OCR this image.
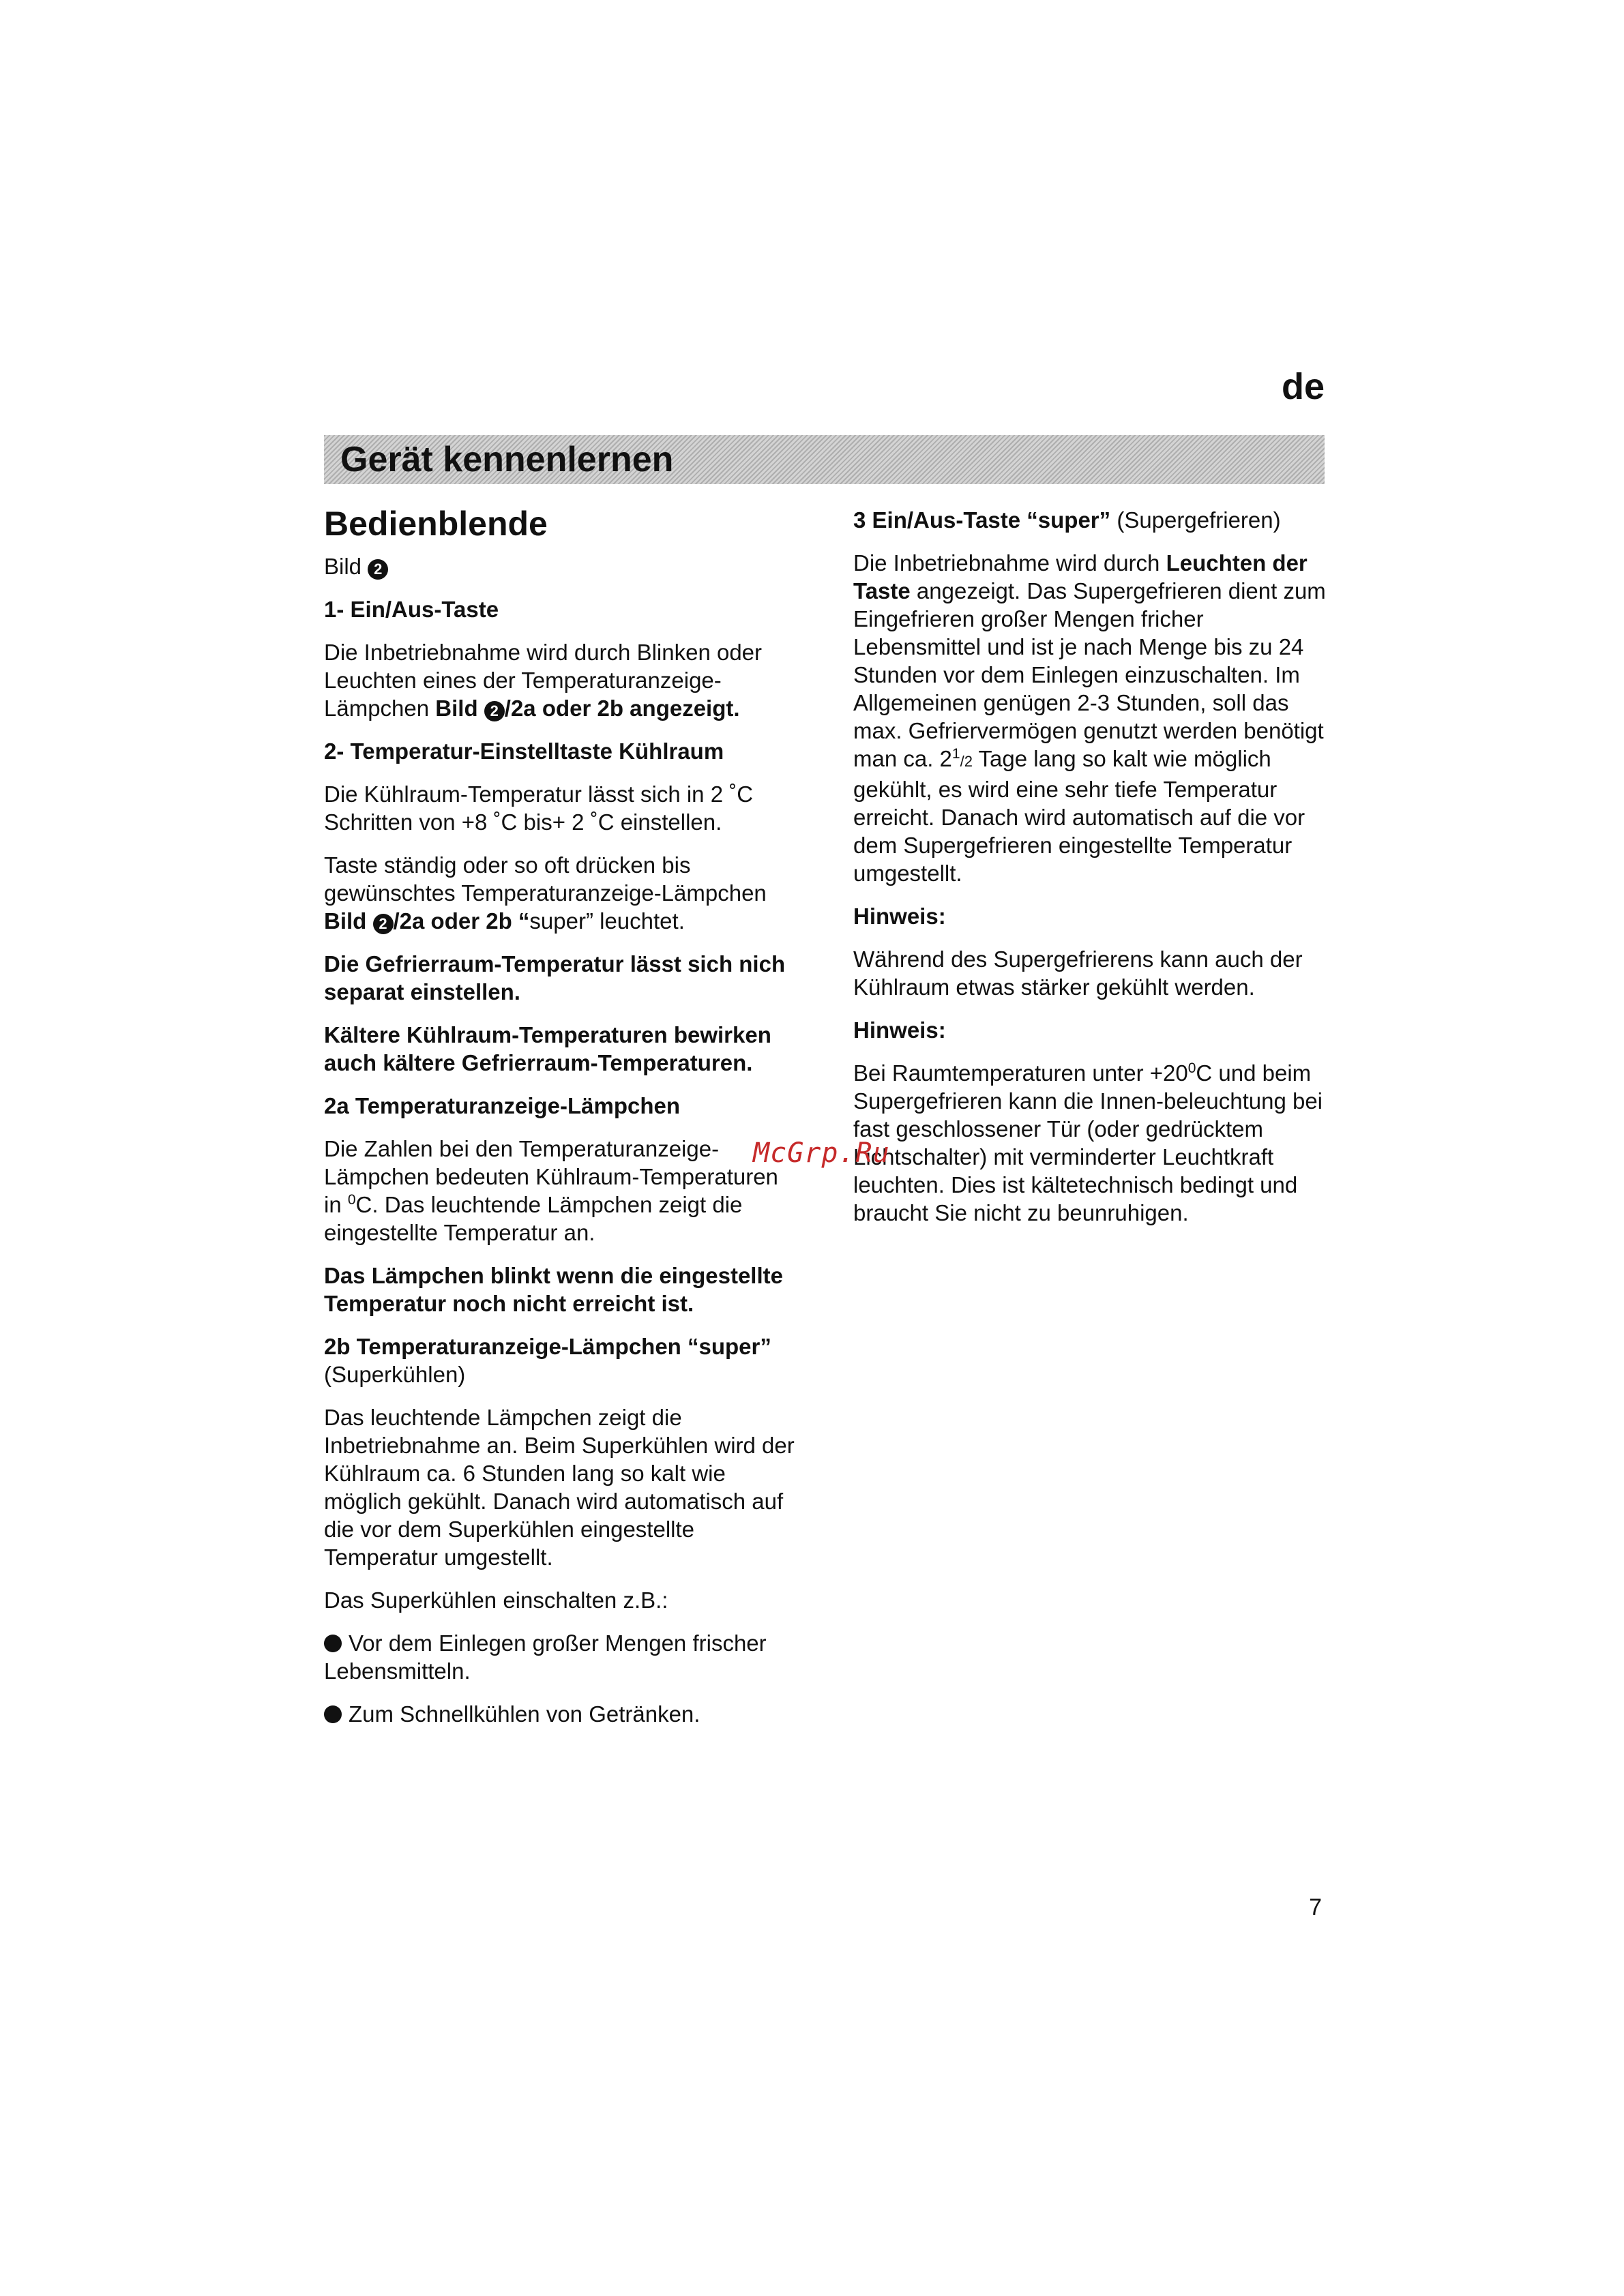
de
Gerät kennenlernen
Bedienblende

Bild 2

1- Ein/Aus-Taste

Die Inbetriebnahme wird durch Blinken oder Leuchten eines der Temperaturanzeige-Lämpchen Bild 2 /2a oder 2b angezeigt.

2- Temperatur-Einstelltaste Kühlraum

Die Kühlraum-Temperatur lässt sich in 2 ˚C Schritten von +8 ˚C bis+ 2 ˚C einstellen.

Taste ständig oder so oft drücken bis gewünschtes Temperaturanzeige-Lämpchen Bild 2 /2a oder 2b “super” leuchtet.

Die Gefrierraum-Temperatur lässt sich nich separat einstellen.

Kältere Kühlraum-Temperaturen bewirken auch kältere Gefrierraum-Temperaturen.

2a Temperaturanzeige-Lämpchen

Die Zahlen bei den Temperaturanzeige-Lämpchen bedeuten Kühlraum-Temperaturen in $^0$C. Das leuchtende Lämpchen zeigt die eingestellte Temperatur an.

Das Lämpchen blinkt wenn die eingestellte Temperatur noch nicht erreicht ist.

2b Temperaturanzeige-Lämpchen “super”
(Superkühlen)

Das leuchtende Lämpchen zeigt die Inbetriebnahme an. Beim Superkühlen wird der Kühlraum ca. 6 Stunden lang so kalt wie möglich gekühlt. Danach wird automatisch auf die vor dem Superkühlen eingestellte Temperatur umgestellt.

Das Superkühlen einschalten z.B.:

Vor dem Einlegen großer Mengen frischer Lebensmitteln.

Zum Schnellkühlen von Getränken.

3 Ein/Aus-Taste “super” (Supergefrieren)

Die Inbetriebnahme wird durch Leuchten der Taste angezeigt. Das Supergefrieren dient zum Eingefrieren großer Mengen fricher Lebensmittel und ist je nach Menge bis zu 24 Stunden vor dem Einlegen einzuschalten. Im Allgemeinen genügen 2-3 Stunden, soll das max. Gefriervermögen genutzt werden benötigt man ca. $2^1/2$ Tage lang so kalt wie möglich gekühlt, es wird eine sehr tiefe Temperatur erreicht. Danach wird automatisch auf die vor dem Supergefrieren eingestellte Temperatur umgestellt.

Hinweis:

Während des Supergefrierens kann auch der Kühlraum etwas stärker gekühlt werden.

Hinweis:

Bei Raumtemperaturen unter $+20^0C$ und beim Supergefrieren kann die Innen-beleuchtung bei fast geschlossener Tür (oder gedrücktem Lichtschalter) mit verminderter Leuchtkraft leuchten. Dies ist kältetechnisch bedingt und braucht Sie nicht zu beunruhigen.

McGrp.Ru
7
